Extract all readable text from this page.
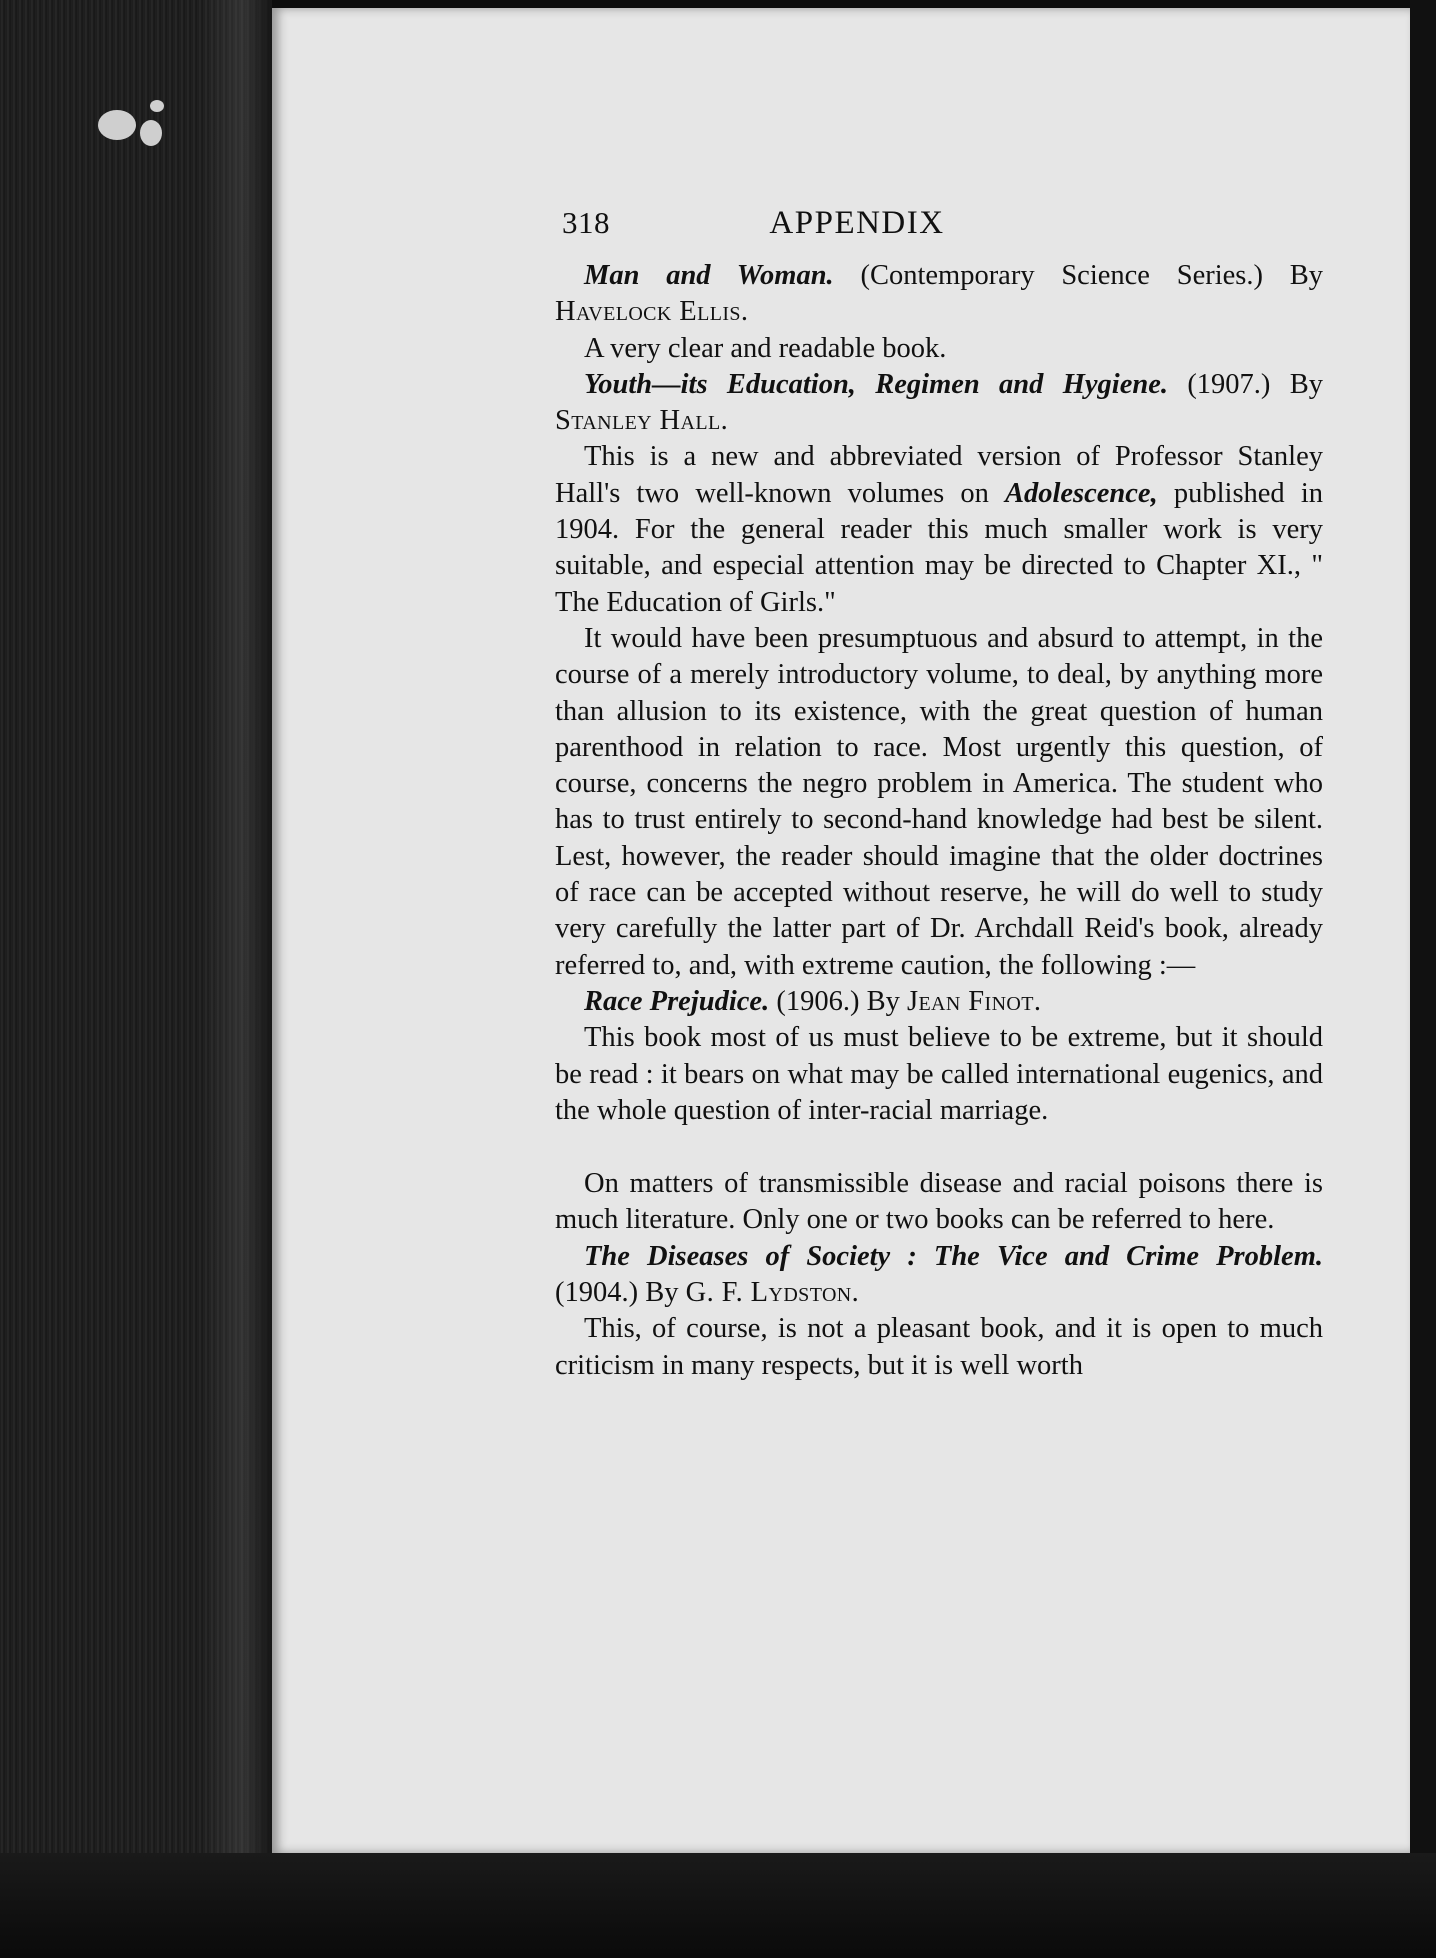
318	APPENDIX

Man and Woman. (Contemporary Science Series.) By Havelock Ellis.

A very clear and readable book.

Youth—its Education, Regimen and Hygiene. (1907.) By Stanley Hall.

This is a new and abbreviated version of Professor Stanley Hall's two well-known volumes on Adolescence, published in 1904. For the general reader this much smaller work is very suitable, and especial attention may be directed to Chapter XI., " The Education of Girls."

It would have been presumptuous and absurd to attempt, in the course of a merely introductory volume, to deal, by anything more than allusion to its existence, with the great question of human parenthood in relation to race. Most urgently this question, of course, concerns the negro problem in America. The student who has to trust entirely to second-hand knowledge had best be silent. Lest, however, the reader should imagine that the older doctrines of race can be accepted without reserve, he will do well to study very carefully the latter part of Dr. Archdall Reid's book, already referred to, and, with extreme caution, the following :—

Race Prejudice. (1906.) By Jean Finot.

This book most of us must believe to be extreme, but it should be read : it bears on what may be called international eugenics, and the whole question of inter-racial marriage.

On matters of transmissible disease and racial poisons there is much literature. Only one or two books can be referred to here.

The Diseases of Society : The Vice and Crime Problem. (1904.) By G. F. Lydston.

This, of course, is not a pleasant book, and it is open to much criticism in many respects, but it is well worth
